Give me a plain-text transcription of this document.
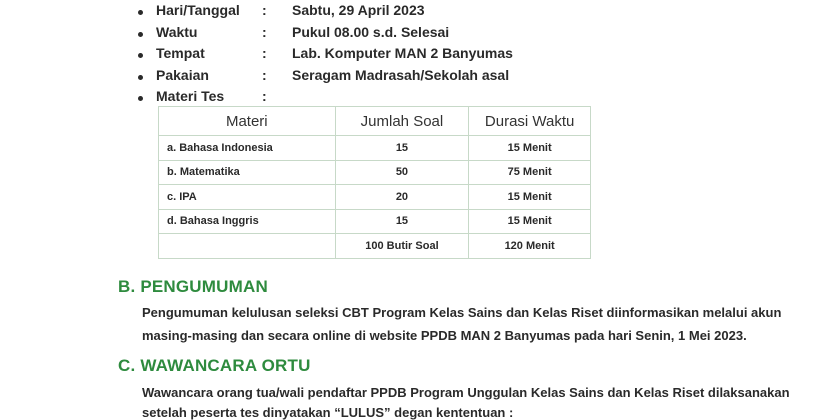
Hari/Tanggal : Sabtu, 29 April 2023
Waktu	: Pukul 08.00 s.d. Selesai
Tempat	: Lab. Komputer MAN 2 Banyumas
Pakaian	: Seragam Madrasah/Sekolah asal
Materi Tes	:
Materi	Jumlah Soal	Durasi Waktu
a. Bahasa Indonesia	15	15 Menit
b. Matematika	50	75 Menit
c. IPA	20	15 Menit
d. Bahasa Inggris	15	15 Menit
	100 Butir Soal	120 Menit
B. PENGUMUMAN
Pengumuman kelulusan seleksi CBT Program Kelas Sains dan Kelas Riset diinformasikan melalui akun
masing-masing dan secara online di website PPDB MAN 2 Banyumas pada hari Senin, 1 Mei 2023.
C. WAWANCARA ORTU
Wawancara orang tua/wali pendaftar PPDB Program Unggulan Kelas Sains dan Kelas Riset dilaksanakan
setelah peserta tes dinyatakan “LULUS” degan kententuan :
